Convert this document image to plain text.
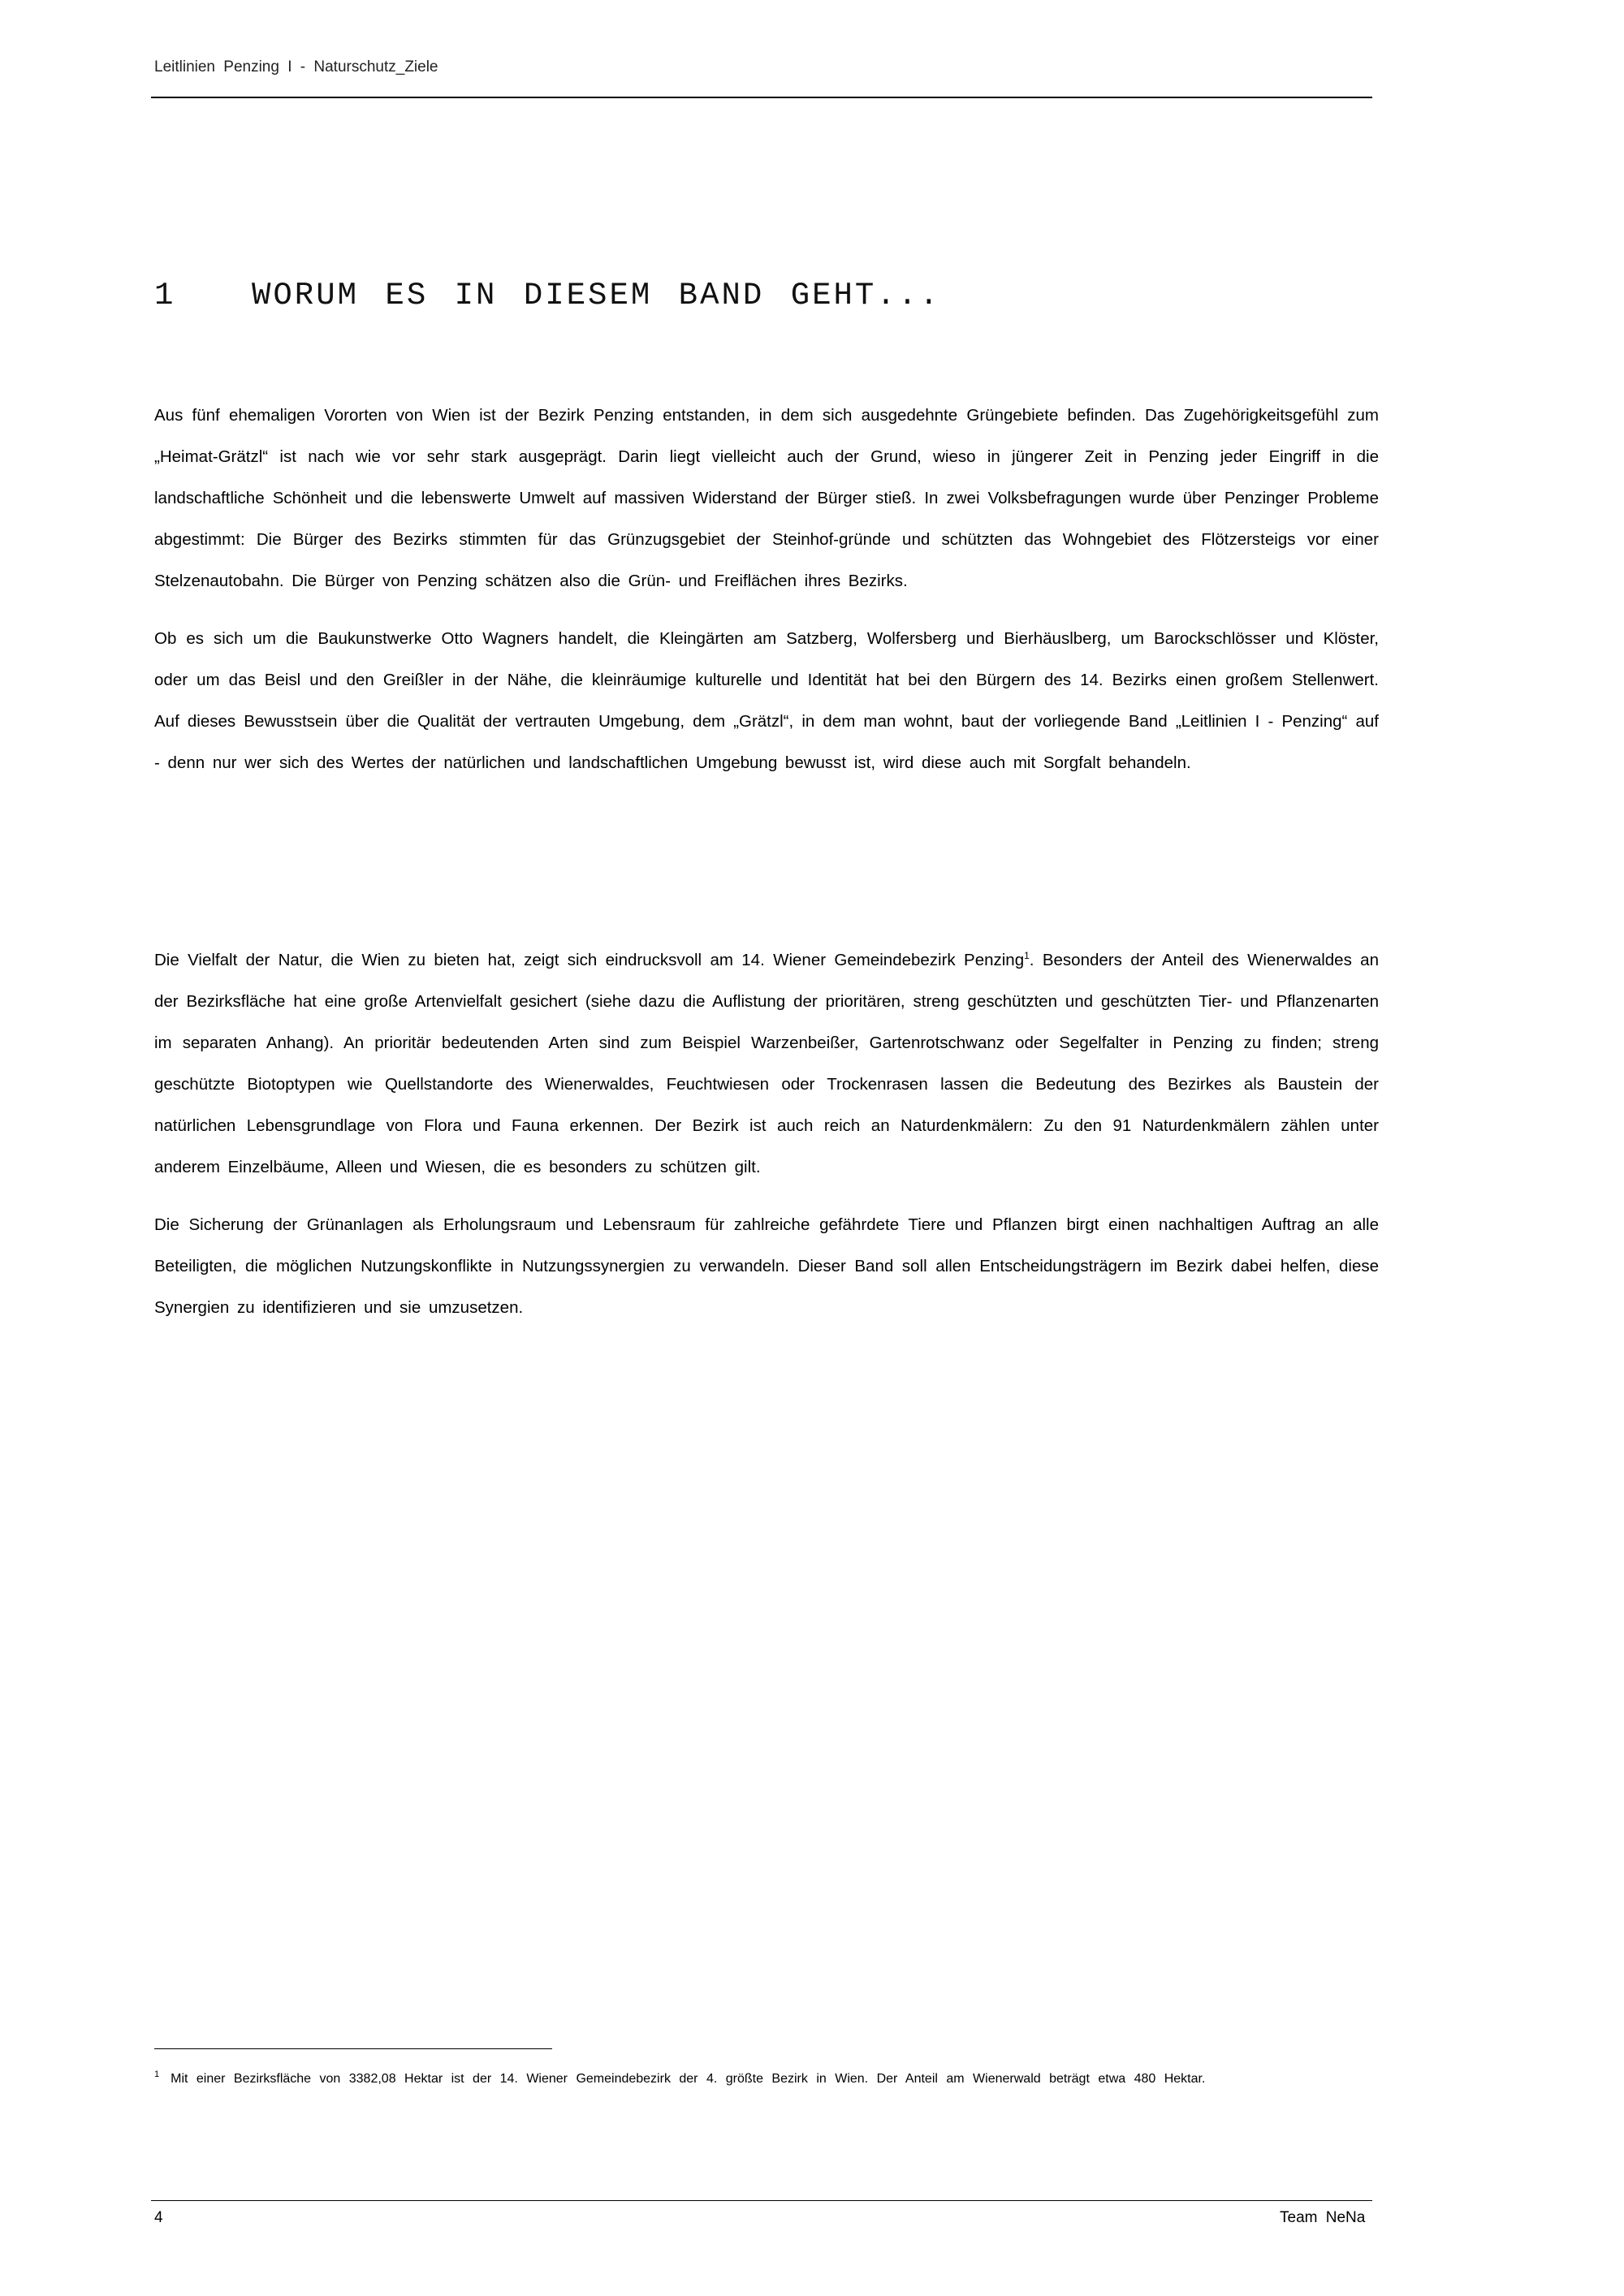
Leitlinien Penzing I - Naturschutz_Ziele
1 WORUM ES IN DIESEM BAND GEHT...

Aus fünf ehemaligen Vororten von Wien ist der Bezirk Penzing entstanden, in dem sich ausgedehnte Grüngebiete befinden. Das Zugehörigkeitsgefühl zum „Heimat-Grätzl“ ist nach wie vor sehr stark ausgeprägt. Darin liegt vielleicht auch der Grund, wieso in jüngerer Zeit in Penzing jeder Eingriff in die landschaftliche Schönheit und die lebenswerte Umwelt auf massiven Widerstand der Bürger stieß. In zwei Volksbefragungen wurde über Penzinger Probleme abgestimmt: Die Bürger des Bezirks stimmten für das Grünzugsgebiet der Steinhof-gründe und schützten das Wohngebiet des Flötzersteigs vor einer Stelzenautobahn. Die Bürger von Penzing schätzen also die Grün- und Freiflächen ihres Bezirks.

Ob es sich um die Baukunstwerke Otto Wagners handelt, die Kleingärten am Satzberg, Wolfersberg und Bierhäuslberg, um Barockschlösser und Klöster, oder um das Beisl und den Greißler in der Nähe, die kleinräumige kulturelle und Identität hat bei den Bürgern des 14. Bezirks einen großem Stellenwert. Auf dieses Bewusstsein über die Qualität der vertrauten Umgebung, dem „Grätzl“, in dem man wohnt, baut der vorliegende Band „Leitlinien I - Penzing“ auf - denn nur wer sich des Wertes der natürlichen und landschaftlichen Umgebung bewusst ist, wird diese auch mit Sorgfalt behandeln.

Die Vielfalt der Natur, die Wien zu bieten hat, zeigt sich eindrucksvoll am 14. Wiener Gemeindebezirk Penzing$^1$. Besonders der Anteil des Wienerwaldes an der Bezirksfläche hat eine große Artenvielfalt gesichert (siehe dazu die Auflistung der prioritären, streng geschützten und geschützten Tier- und Pflanzenarten im separaten Anhang). An prioritär bedeutenden Arten sind zum Beispiel Warzenbeißer, Gartenrotschwanz oder Segelfalter in Penzing zu finden; streng geschützte Biotoptypen wie Quellstandorte des Wienerwaldes, Feuchtwiesen oder Trockenrasen lassen die Bedeutung des Bezirkes als Baustein der natürlichen Lebensgrundlage von Flora und Fauna erkennen. Der Bezirk ist auch reich an Naturdenkmälern: Zu den 91 Naturdenkmälern zählen unter anderem Einzelbäume, Alleen und Wiesen, die es besonders zu schützen gilt.

Die Sicherung der Grünanlagen als Erholungsraum und Lebensraum für zahlreiche gefährdete Tiere und Pflanzen birgt einen nachhaltigen Auftrag an alle Beteiligten, die möglichen Nutzungskonflikte in Nutzungssynergien zu verwandeln. Dieser Band soll allen Entscheidungsträgern im Bezirk dabei helfen, diese Synergien zu identifizieren und sie umzusetzen.

$^1$ Mit einer Bezirksfläche von 3382,08 Hektar ist der 14. Wiener Gemeindebezirk der 4. größte Bezirk in Wien. Der Anteil am Wienerwald beträgt etwa 480 Hektar.

4	Team NeNa
